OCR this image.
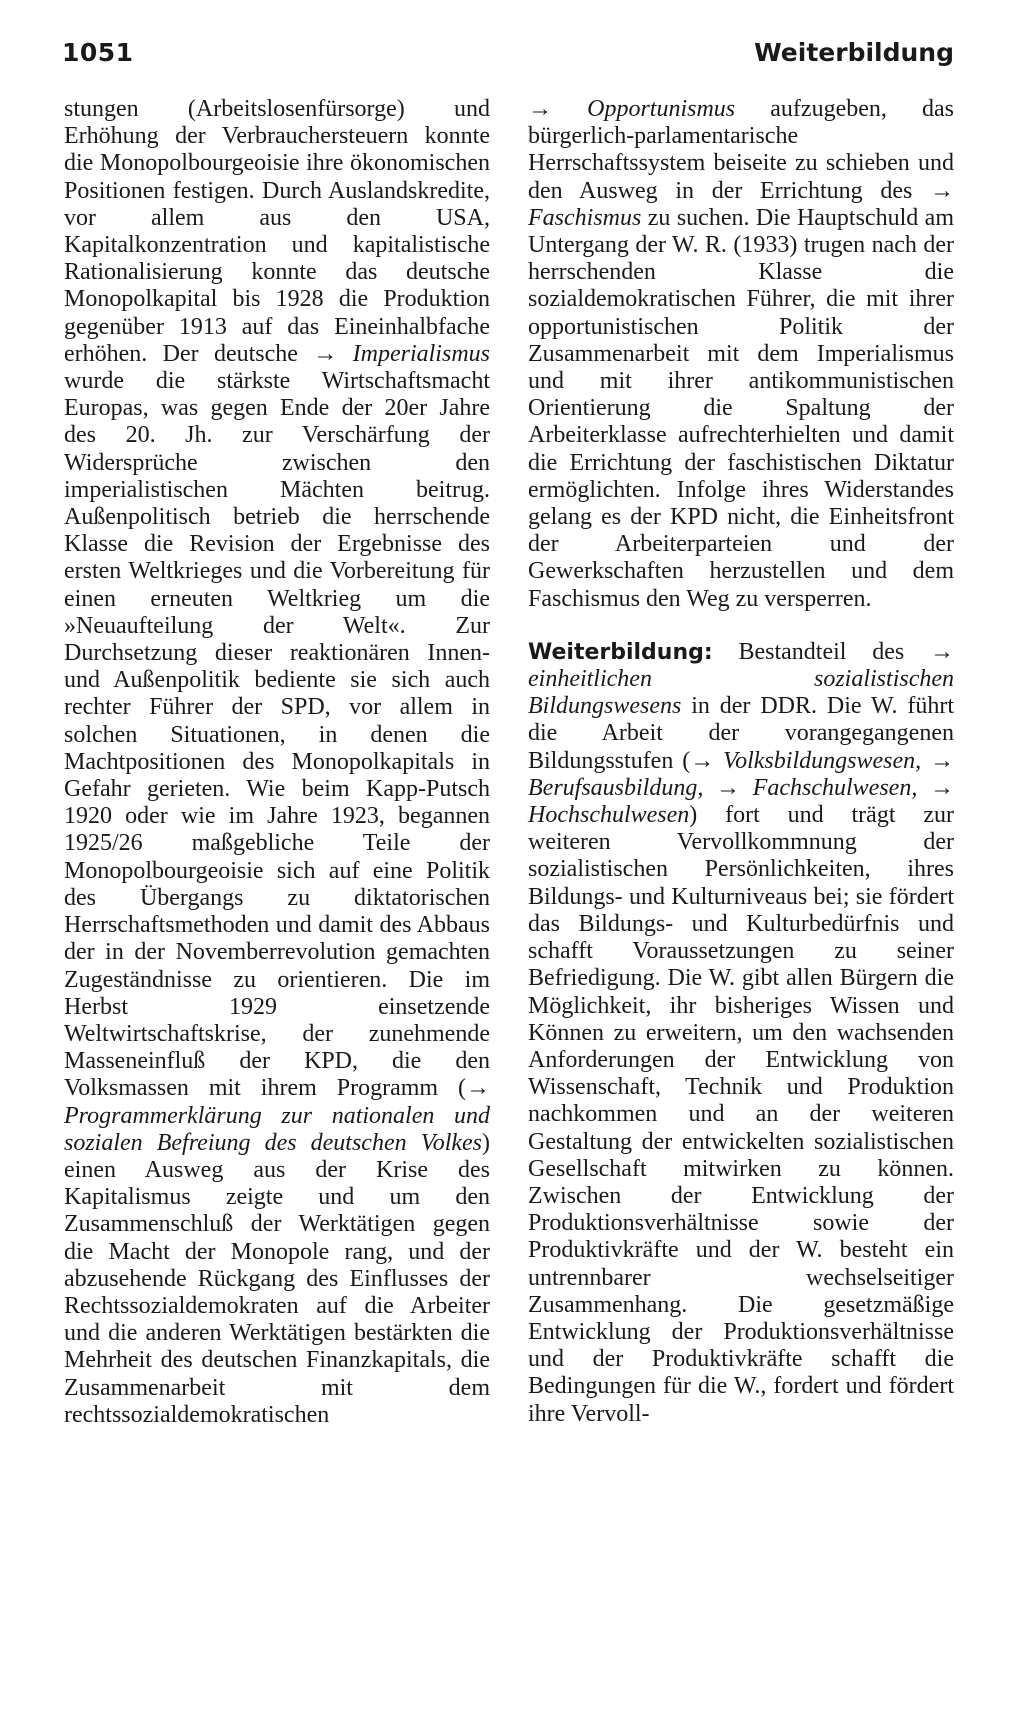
1051	Weiterbildung

stungen (Arbeitslosenfürsorge) und Erhöhung der Verbrauchersteuern konnte die Monopolbourgeoisie ihre ökonomischen Positionen festigen. Durch Auslandskredite, vor allem aus den USA, Kapitalkonzentration und kapitalistische Rationalisierung konnte das deutsche Monopolkapital bis 1928 die Produktion gegenüber 1913 auf das Eineinhalbfache erhöhen. Der deutsche → Imperialismus wurde die stärkste Wirtschaftsmacht Europas, was gegen Ende der 20er Jahre des 20. Jh. zur Verschärfung der Widersprüche zwischen den imperialistischen Mächten beitrug. Außenpolitisch betrieb die herrschende Klasse die Revision der Ergebnisse des ersten Weltkrieges und die Vorbereitung für einen erneuten Weltkrieg um die »Neuaufteilung der Welt«. Zur Durchsetzung dieser reaktionären Innen- und Außenpolitik bediente sie sich auch rechter Führer der SPD, vor allem in solchen Situationen, in denen die Machtpositionen des Monopolkapitals in Gefahr gerieten. Wie beim Kapp-Putsch 1920 oder wie im Jahre 1923, begannen 1925/26 maßgebliche Teile der Monopolbourgeoisie sich auf eine Politik des Übergangs zu diktatorischen Herrschaftsmethoden und damit des Abbaus der in der Novemberrevolution gemachten Zugeständnisse zu orientieren. Die im Herbst 1929 einsetzende Weltwirtschaftskrise, der zunehmende Masseneinfluß der KPD, die den Volksmassen mit ihrem Programm (→ Programmerklärung zur nationalen und sozialen Befreiung des deutschen Volkes) einen Ausweg aus der Krise des Kapitalismus zeigte und um den Zusammenschluß der Werktätigen gegen die Macht der Monopole rang, und der abzusehende Rückgang des Einflusses der Rechtssozialdemokraten auf die Arbeiter und die anderen Werktätigen bestärkten die Mehrheit des deutschen Finanzkapitals, die Zusammenarbeit mit dem rechtssozialdemokratischen

→ Opportunismus aufzugeben, das bürgerlich-parlamentarische Herrschaftssystem beiseite zu schieben und den Ausweg in der Errichtung des → Faschismus zu suchen. Die Hauptschuld am Untergang der W. R. (1933) trugen nach der herrschenden Klasse die sozialdemokratischen Führer, die mit ihrer opportunistischen Politik der Zusammenarbeit mit dem Imperialismus und mit ihrer antikommunistischen Orientierung die Spaltung der Arbeiterklasse aufrechterhielten und damit die Errichtung der faschistischen Diktatur ermöglichten. Infolge ihres Widerstandes gelang es der KPD nicht, die Einheitsfront der Arbeiterparteien und der Gewerkschaften herzustellen und dem Faschismus den Weg zu versperren.

Weiterbildung: Bestandteil des → einheitlichen sozialistischen Bildungswesens in der DDR. Die W. führt die Arbeit der vorangegangenen Bildungsstufen (→ Volksbildungswesen, → Berufsausbildung, → Fachschulwesen, → Hochschulwesen) fort und trägt zur weiteren Vervollkommnung der sozialistischen Persönlichkeiten, ihres Bildungs- und Kulturniveaus bei; sie fördert das Bildungs- und Kulturbedürfnis und schafft Voraussetzungen zu seiner Befriedigung. Die W. gibt allen Bürgern die Möglichkeit, ihr bisheriges Wissen und Können zu erweitern, um den wachsenden Anforderungen der Entwicklung von Wissenschaft, Technik und Produktion nachkommen und an der weiteren Gestaltung der entwickelten sozialistischen Gesellschaft mitwirken zu können. Zwischen der Entwicklung der Produktionsverhältnisse sowie der Produktivkräfte und der W. besteht ein untrennbarer wechselseitiger Zusammenhang. Die gesetzmäßige Entwicklung der Produktionsverhältnisse und der Produktivkräfte schafft die Bedingungen für die W., fordert und fördert ihre Vervoll-
